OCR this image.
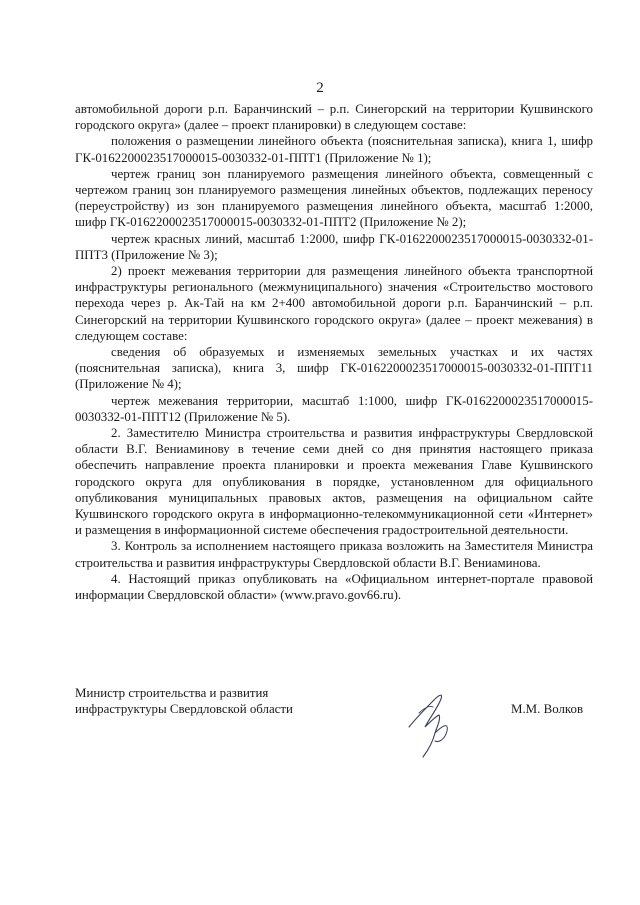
2

автомобильной дороги р.п. Баранчинский – р.п. Синегорский на территории Кушвинского городского округа» (далее – проект планировки) в следующем составе:

положения о размещении линейного объекта (пояснительная записка), книга 1, шифр ГК-0162200023517000015-0030332-01-ППТ1 (Приложение № 1);

чертеж границ зон планируемого размещения линейного объекта, совмещенный с чертежом границ зон планируемого размещения линейных объектов, подлежащих переносу (переустройству) из зон планируемого размещения линейного объекта, масштаб 1:2000, шифр ГК-0162200023517000015-0030332-01-ППТ2 (Приложение № 2);

чертеж красных линий, масштаб 1:2000, шифр ГК-0162200023517000015-0030332-01-ППТ3 (Приложение № 3);

2) проект межевания территории для размещения линейного объекта транспортной инфраструктуры регионального (межмуниципального) значения «Строительство мостового перехода через р. Ак-Тай на км 2+400 автомобильной дороги р.п. Баранчинский – р.п. Синегорский на территории Кушвинского городского округа» (далее – проект межевания) в следующем составе:

сведения об образуемых и изменяемых земельных участках и их частях (пояснительная записка), книга 3, шифр ГК-0162200023517000015-0030332-01-ППТ11 (Приложение № 4);

чертеж межевания территории, масштаб 1:1000, шифр ГК-0162200023517000015-0030332-01-ППТ12 (Приложение № 5).

2. Заместителю Министра строительства и развития инфраструктуры Свердловской области В.Г. Вениаминову в течение семи дней со дня принятия настоящего приказа обеспечить направление проекта планировки и проекта межевания Главе Кушвинского городского округа для опубликования в порядке, установленном для официального опубликования муниципальных правовых актов, размещения на официальном сайте Кушвинского городского округа в информационно-телекоммуникационной сети «Интернет» и размещения в информационной системе обеспечения градостроительной деятельности.

3. Контроль за исполнением настоящего приказа возложить на Заместителя Министра строительства и развития инфраструктуры Свердловской области В.Г. Вениаминова.

4. Настоящий приказ опубликовать на «Официальном интернет-портале правовой информации Свердловской области» (www.pravo.gov66.ru).

Министр строительства и развития
инфраструктуры Свердловской области	М.М. Волков
